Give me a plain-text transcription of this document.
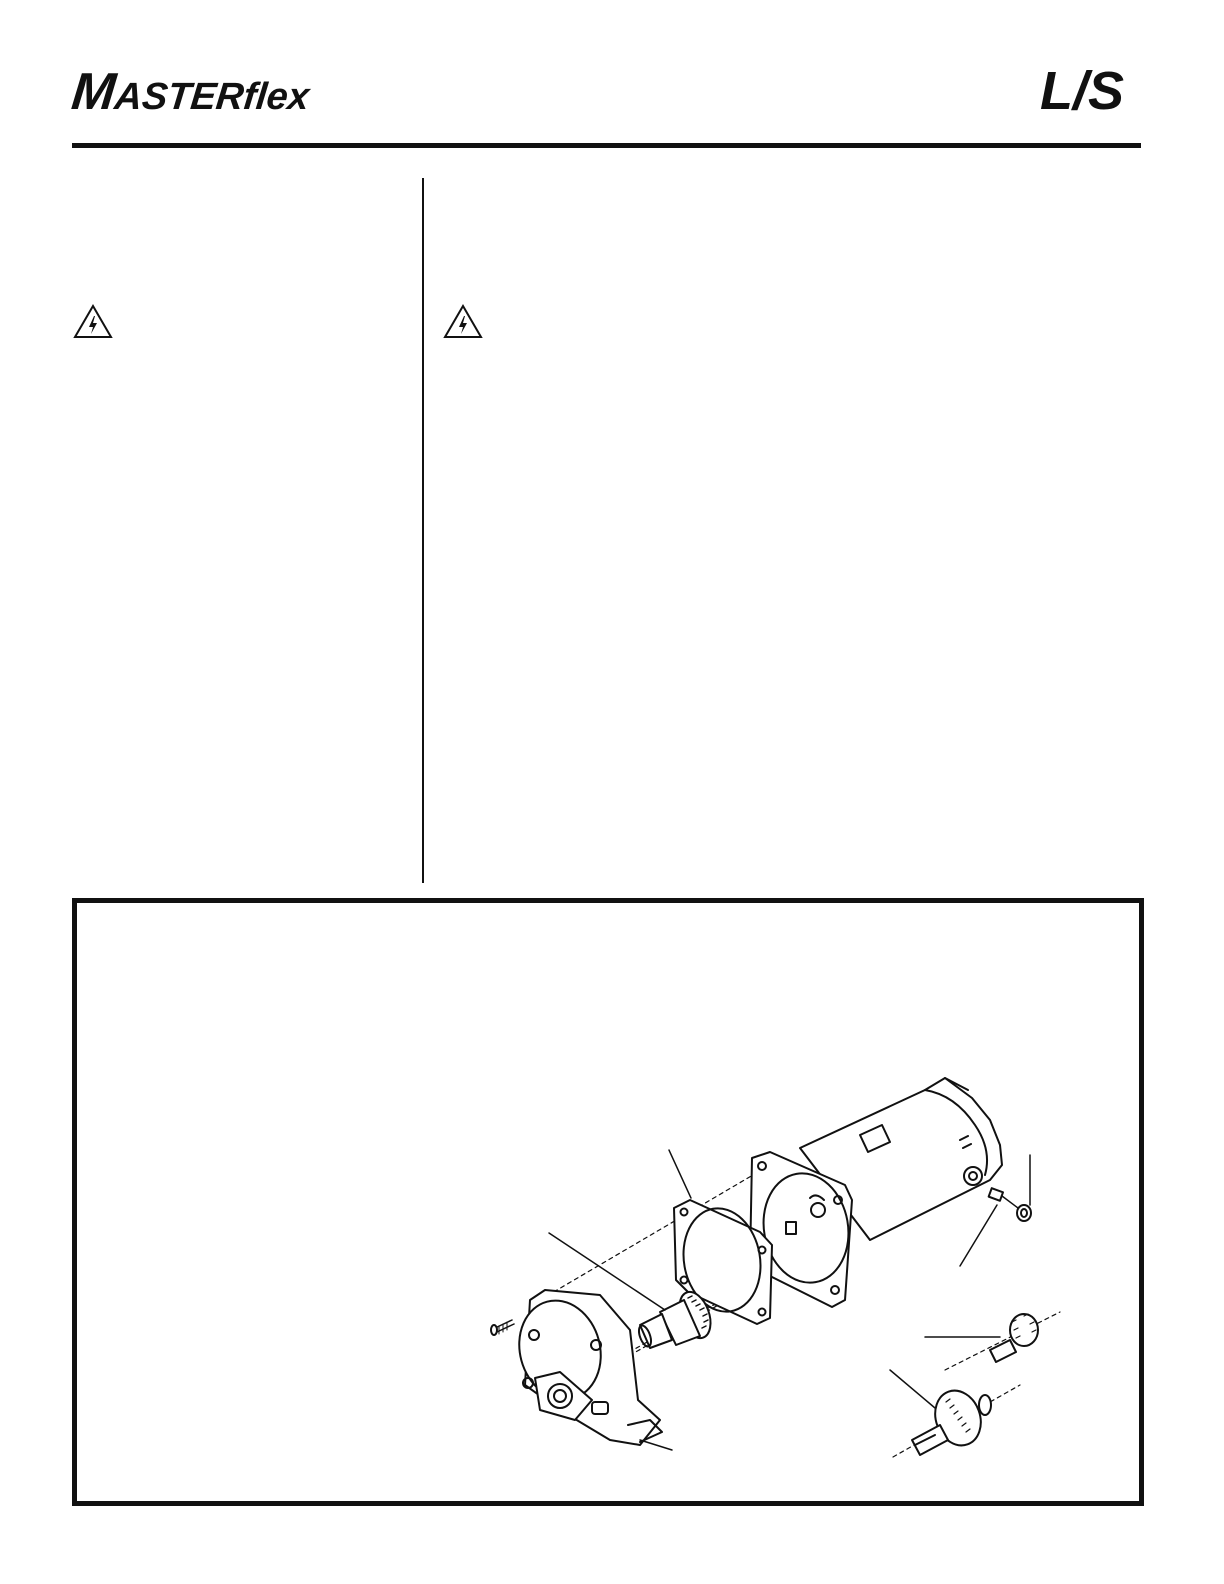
MASTERflex	L/S
